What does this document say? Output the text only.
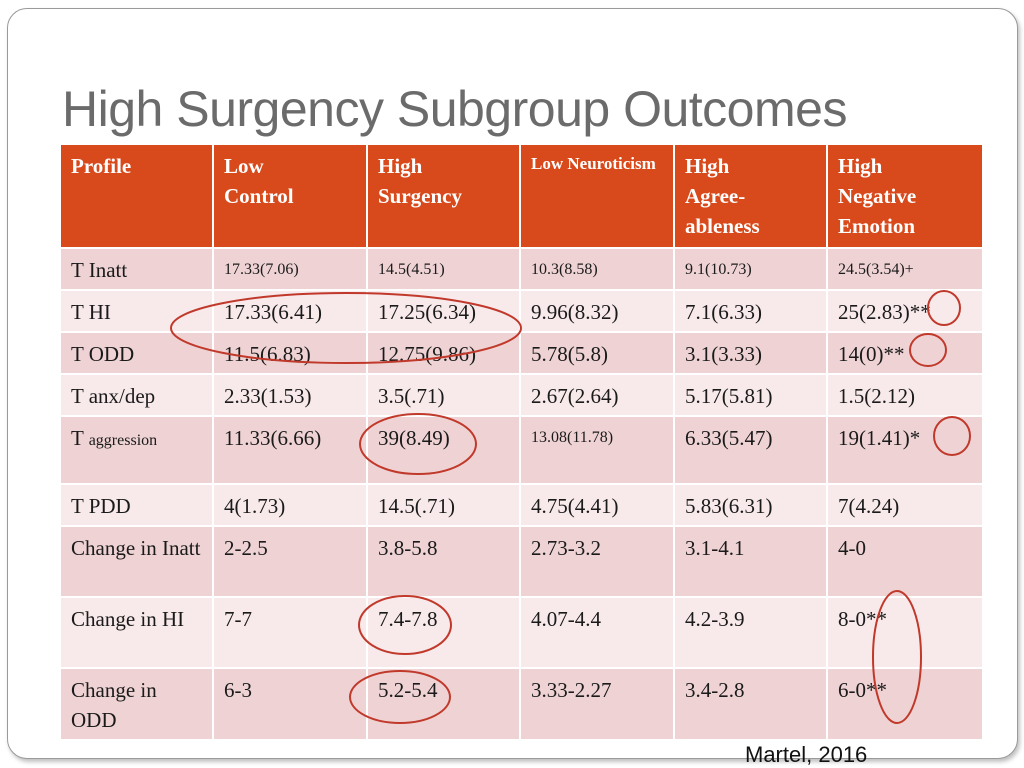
High Surgency Subgroup Outcomes
Profile	Low Control	High Surgency	Low Neuroticism	High Agree-ableness	High Negative Emotion
T Inatt	17.33(7.06)	14.5(4.51)	10.3(8.58)	9.1(10.73)	24.5(3.54)+
T HI	17.33(6.41)	17.25(6.34)	9.96(8.32)	7.1(6.33)	25(2.83)**
T ODD	11.5(6.83)	12.75(9.86)	5.78(5.8)	3.1(3.33)	14(0)**
T anx/dep	2.33(1.53)	3.5(.71)	2.67(2.64)	5.17(5.81)	1.5(2.12)
T aggression	11.33(6.66)	39(8.49)	13.08(11.78)	6.33(5.47)	19(1.41)*
T PDD	4(1.73)	14.5(.71)	4.75(4.41)	5.83(6.31)	7(4.24)
Change in Inatt	2-2.5	3.8-5.8	2.73-3.2	3.1-4.1	4-0
Change in HI	7-7	7.4-7.8	4.07-4.4	4.2-3.9	8-0**
Change in ODD	6-3	5.2-5.4	3.33-2.27	3.4-2.8	6-0**
Martel, 2016
